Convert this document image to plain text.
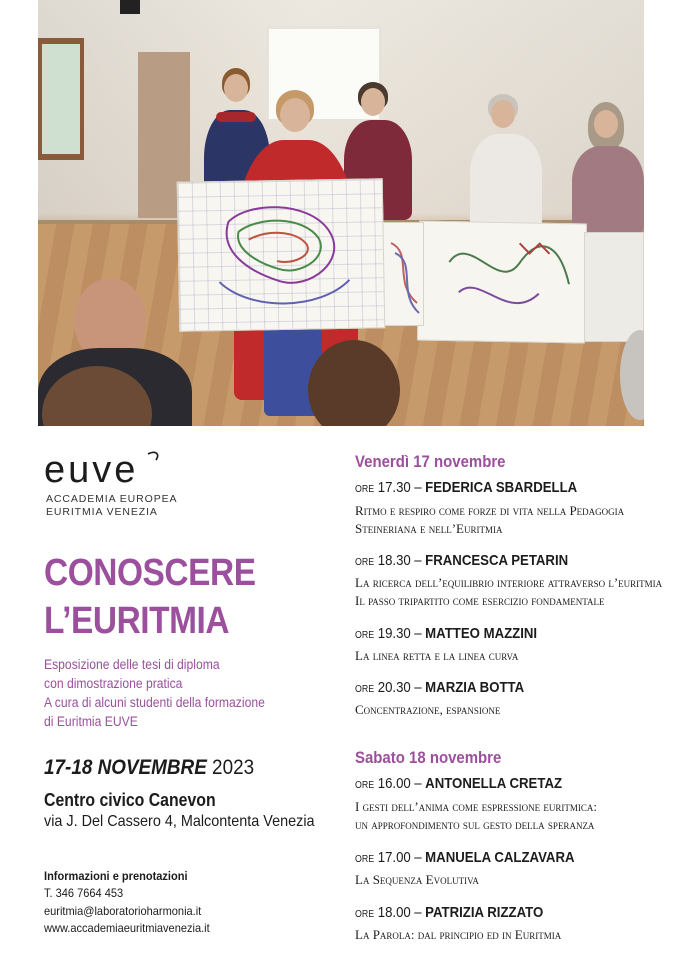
euve
ACCADEMIA EUROPEA
EURITMIA VENEZIA
CONOSCERE
L’EURITMIA
Esposizione delle tesi di diploma
con dimostrazione pratica
A cura di alcuni studenti della formazione
di Euritmia EUVE
17-18 NOVEMBRE 2023
Centro civico Canevon
via J. Del Cassero 4, Malcontenta Venezia
Informazioni e prenotazioni
T. 346 7664 453
euritmia@laboratorioharmonia.it
www.accademiaeuritmiavenezia.it
Venerdì 17 novembre
ore 17.30 – FEDERICA SBARDELLA
Ritmo e respiro come forze di vita nella Pedagogia
Steineriana e nell’Euritmia
ore 18.30 – FRANCESCA PETARIN
La ricerca dell’equilibrio interiore attraverso l’euritmia
Il passo tripartito come esercizio fondamentale
ore 19.30 – MATTEO MAZZINI
La linea retta e la linea curva
ore 20.30 – MARZIA BOTTA
Concentrazione, espansione
Sabato 18 novembre
ore 16.00 – ANTONELLA CRETAZ
I gesti dell’anima come espressione euritmica:
un approfondimento sul gesto della speranza
ore 17.00 – MANUELA CALZAVARA
La Sequenza Evolutiva
ore 18.00 – PATRIZIA RIZZATO
La Parola: dal principio ed in Euritmia
